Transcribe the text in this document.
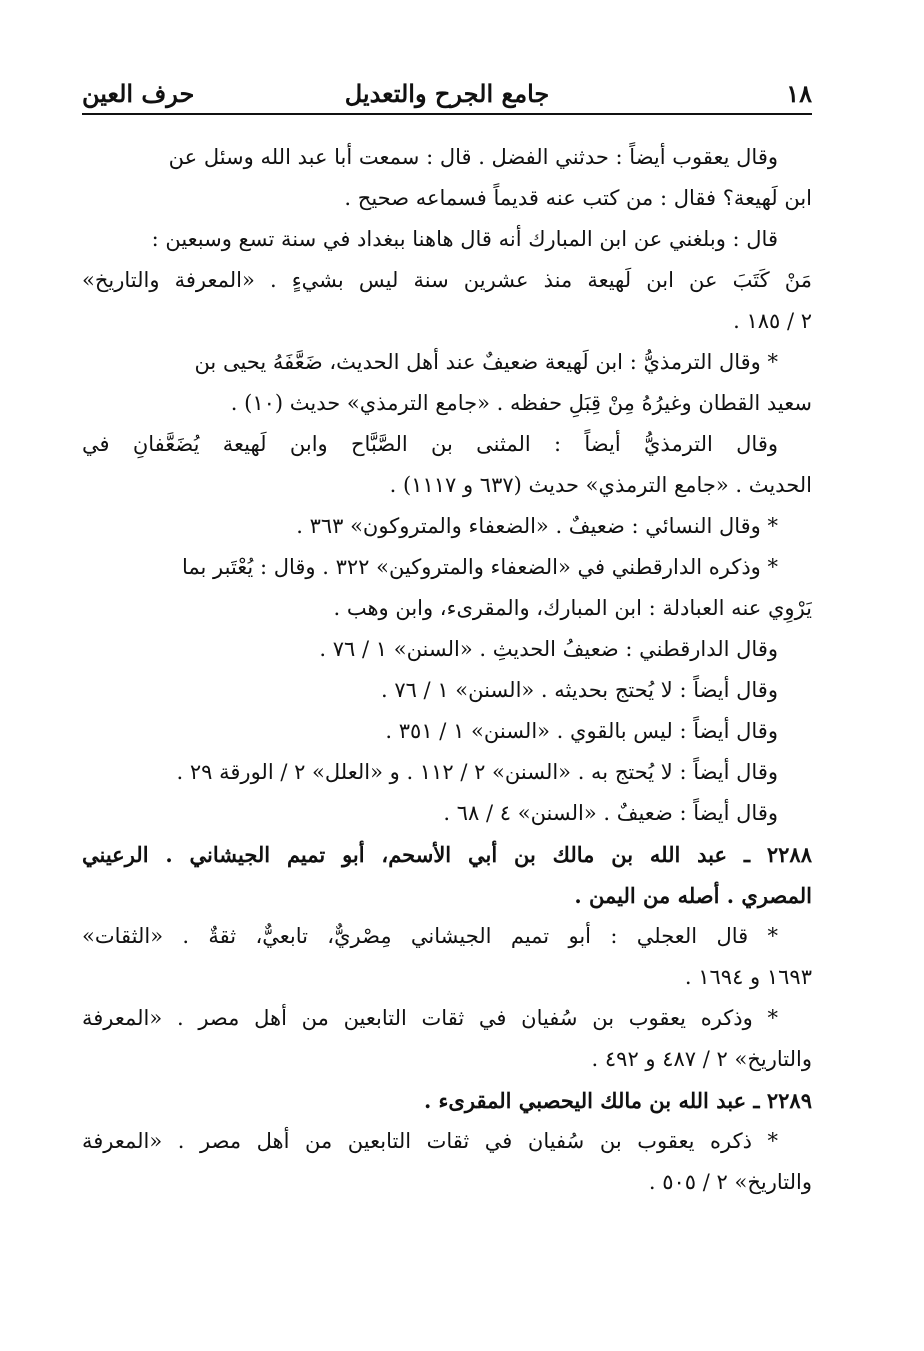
١٨
جامع الجرح والتعديل
حرف العين
وقال يعقوب أيضاً : حدثني الفضل . قال : سمعت أبا عبد الله وسئل عن
ابن لَهيعة؟ فقال : من كتب عنه قديماً فسماعه صحيح .
قال : وبلغني عن ابن المبارك أنه قال هاهنا ببغداد في سنة تسع وسبعين :
مَنْ كَتَبَ عن ابن لَهيعة منذ عشرين سنة ليس بشيءٍ . «المعرفة والتاريخ»
٢ / ١٨٥ .
* وقال الترمذيُّ : ابن لَهيعة ضعيفٌ عند أهل الحديث، ضَعَّفَهُ يحيى بن
سعيد القطان وغيرُهُ مِنْ قِبَلِ حفظه . «جامع الترمذي» حديث (١٠) .
وقال الترمذيُّ أيضاً : المثنى بن الصَّبَّاح وابن لَهيعة يُضَعَّفانِ في
الحديث . «جامع الترمذي» حديث (٦٣٧ و ١١١٧) .
* وقال النسائي : ضعيفٌ . «الضعفاء والمتروكون» ٣٦٣ .
* وذكره الدارقطني في «الضعفاء والمتروكين» ٣٢٢ . وقال : يُعْتَبر بما
يَرْوِي عنه العبادلة : ابن المبارك، والمقرىء، وابن وهب .
وقال الدارقطني : ضعيفُ الحديثِ . «السنن» ١ / ٧٦ .
وقال أيضاً : لا يُحتج بحديثه . «السنن» ١ / ٧٦ .
وقال أيضاً : ليس بالقوي . «السنن» ١ / ٣٥١ .
وقال أيضاً : لا يُحتج به . «السنن» ٢ / ١١٢ . و «العلل» ٢ / الورقة ٢٩ .
وقال أيضاً : ضعيفٌ . «السنن» ٤ / ٦٨ .
٢٢٨٨ ـ عبد الله بن مالك بن أبي الأسحم، أبو تميم الجيشاني . الرعيني
المصري . أصله من اليمن .
* قال العجلي : أبو تميم الجيشاني مِصْريٌّ، تابعيٌّ، ثقةٌ . «الثقات»
١٦٩٣ و ١٦٩٤ .
* وذكره يعقوب بن سُفيان في ثقات التابعين من أهل مصر . «المعرفة
والتاريخ» ٢ / ٤٨٧ و ٤٩٢ .
٢٢٨٩ ـ عبد الله بن مالك اليحصبي المقرىء .
* ذكره يعقوب بن سُفيان في ثقات التابعين من أهل مصر . «المعرفة
والتاريخ» ٢ / ٥٠٥ .
